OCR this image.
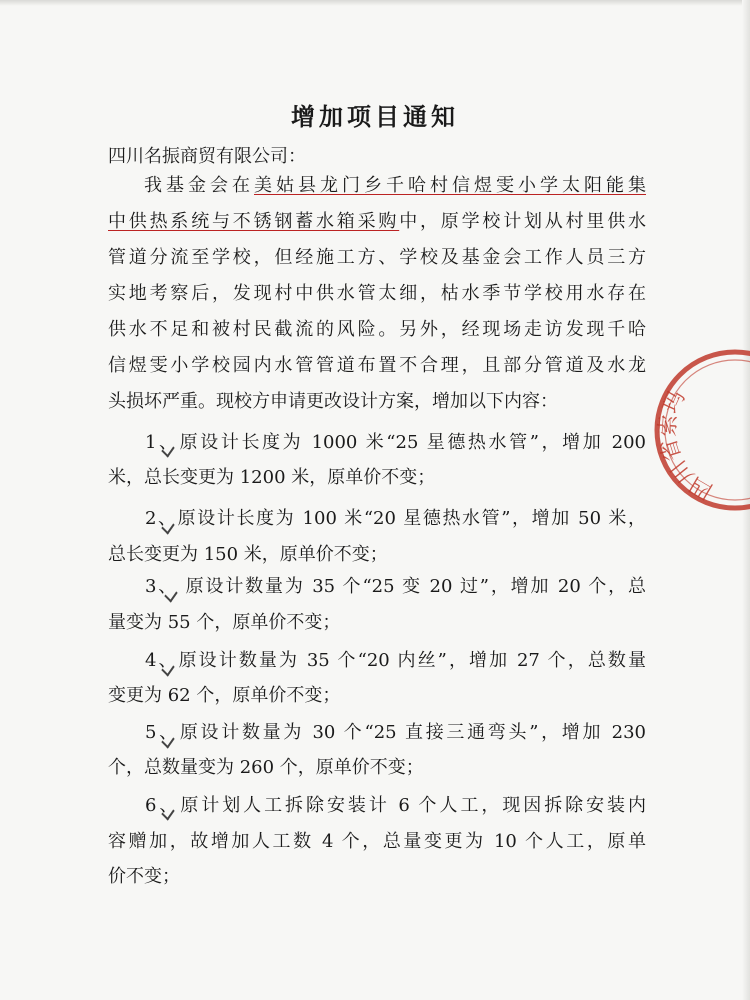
增加项目通知
四川名振商贸有限公司：
我基金会在美姑县龙门乡千哈村信煜雯小学太阳能集
中供热系统与不锈钢蓄水箱采购中，原学校计划从村里供水
管道分流至学校，但经施工方、学校及基金会工作人员三方
实地考察后，发现村中供水管太细，枯水季节学校用水存在
供水不足和被村民截流的风险。另外，经现场走访发现千哈
信煜雯小学校园内水管管道布置不合理，且部分管道及水龙
头损坏严重。现校方申请更改设计方案，增加以下内容：
1、原设计长度为 1000 米“25 星德热水管”，增加 200
米，总长变更为 1200 米，原单价不变；
2、原设计长度为 100 米“20 星德热水管”，增加 50 米，
总长变更为 150 米，原单价不变；
3、 原设计数量为 35 个“25 变 20 过”，增加 20 个，总
量变为 55 个，原单价不变；
4、原设计数量为 35 个“20 内丝”，增加 27 个，总数量
变更为 62 个，原单价不变；
5、原设计数量为 30 个“25 直接三通弯头”，增加 230
个，总数量变为 260 个，原单价不变；
6、原计划人工拆除安装计 6 个人工，现因拆除安装内
容赠加，故增加人工数 4 个，总量变更为 10 个人工，原单
价不变；
四川省索玛
